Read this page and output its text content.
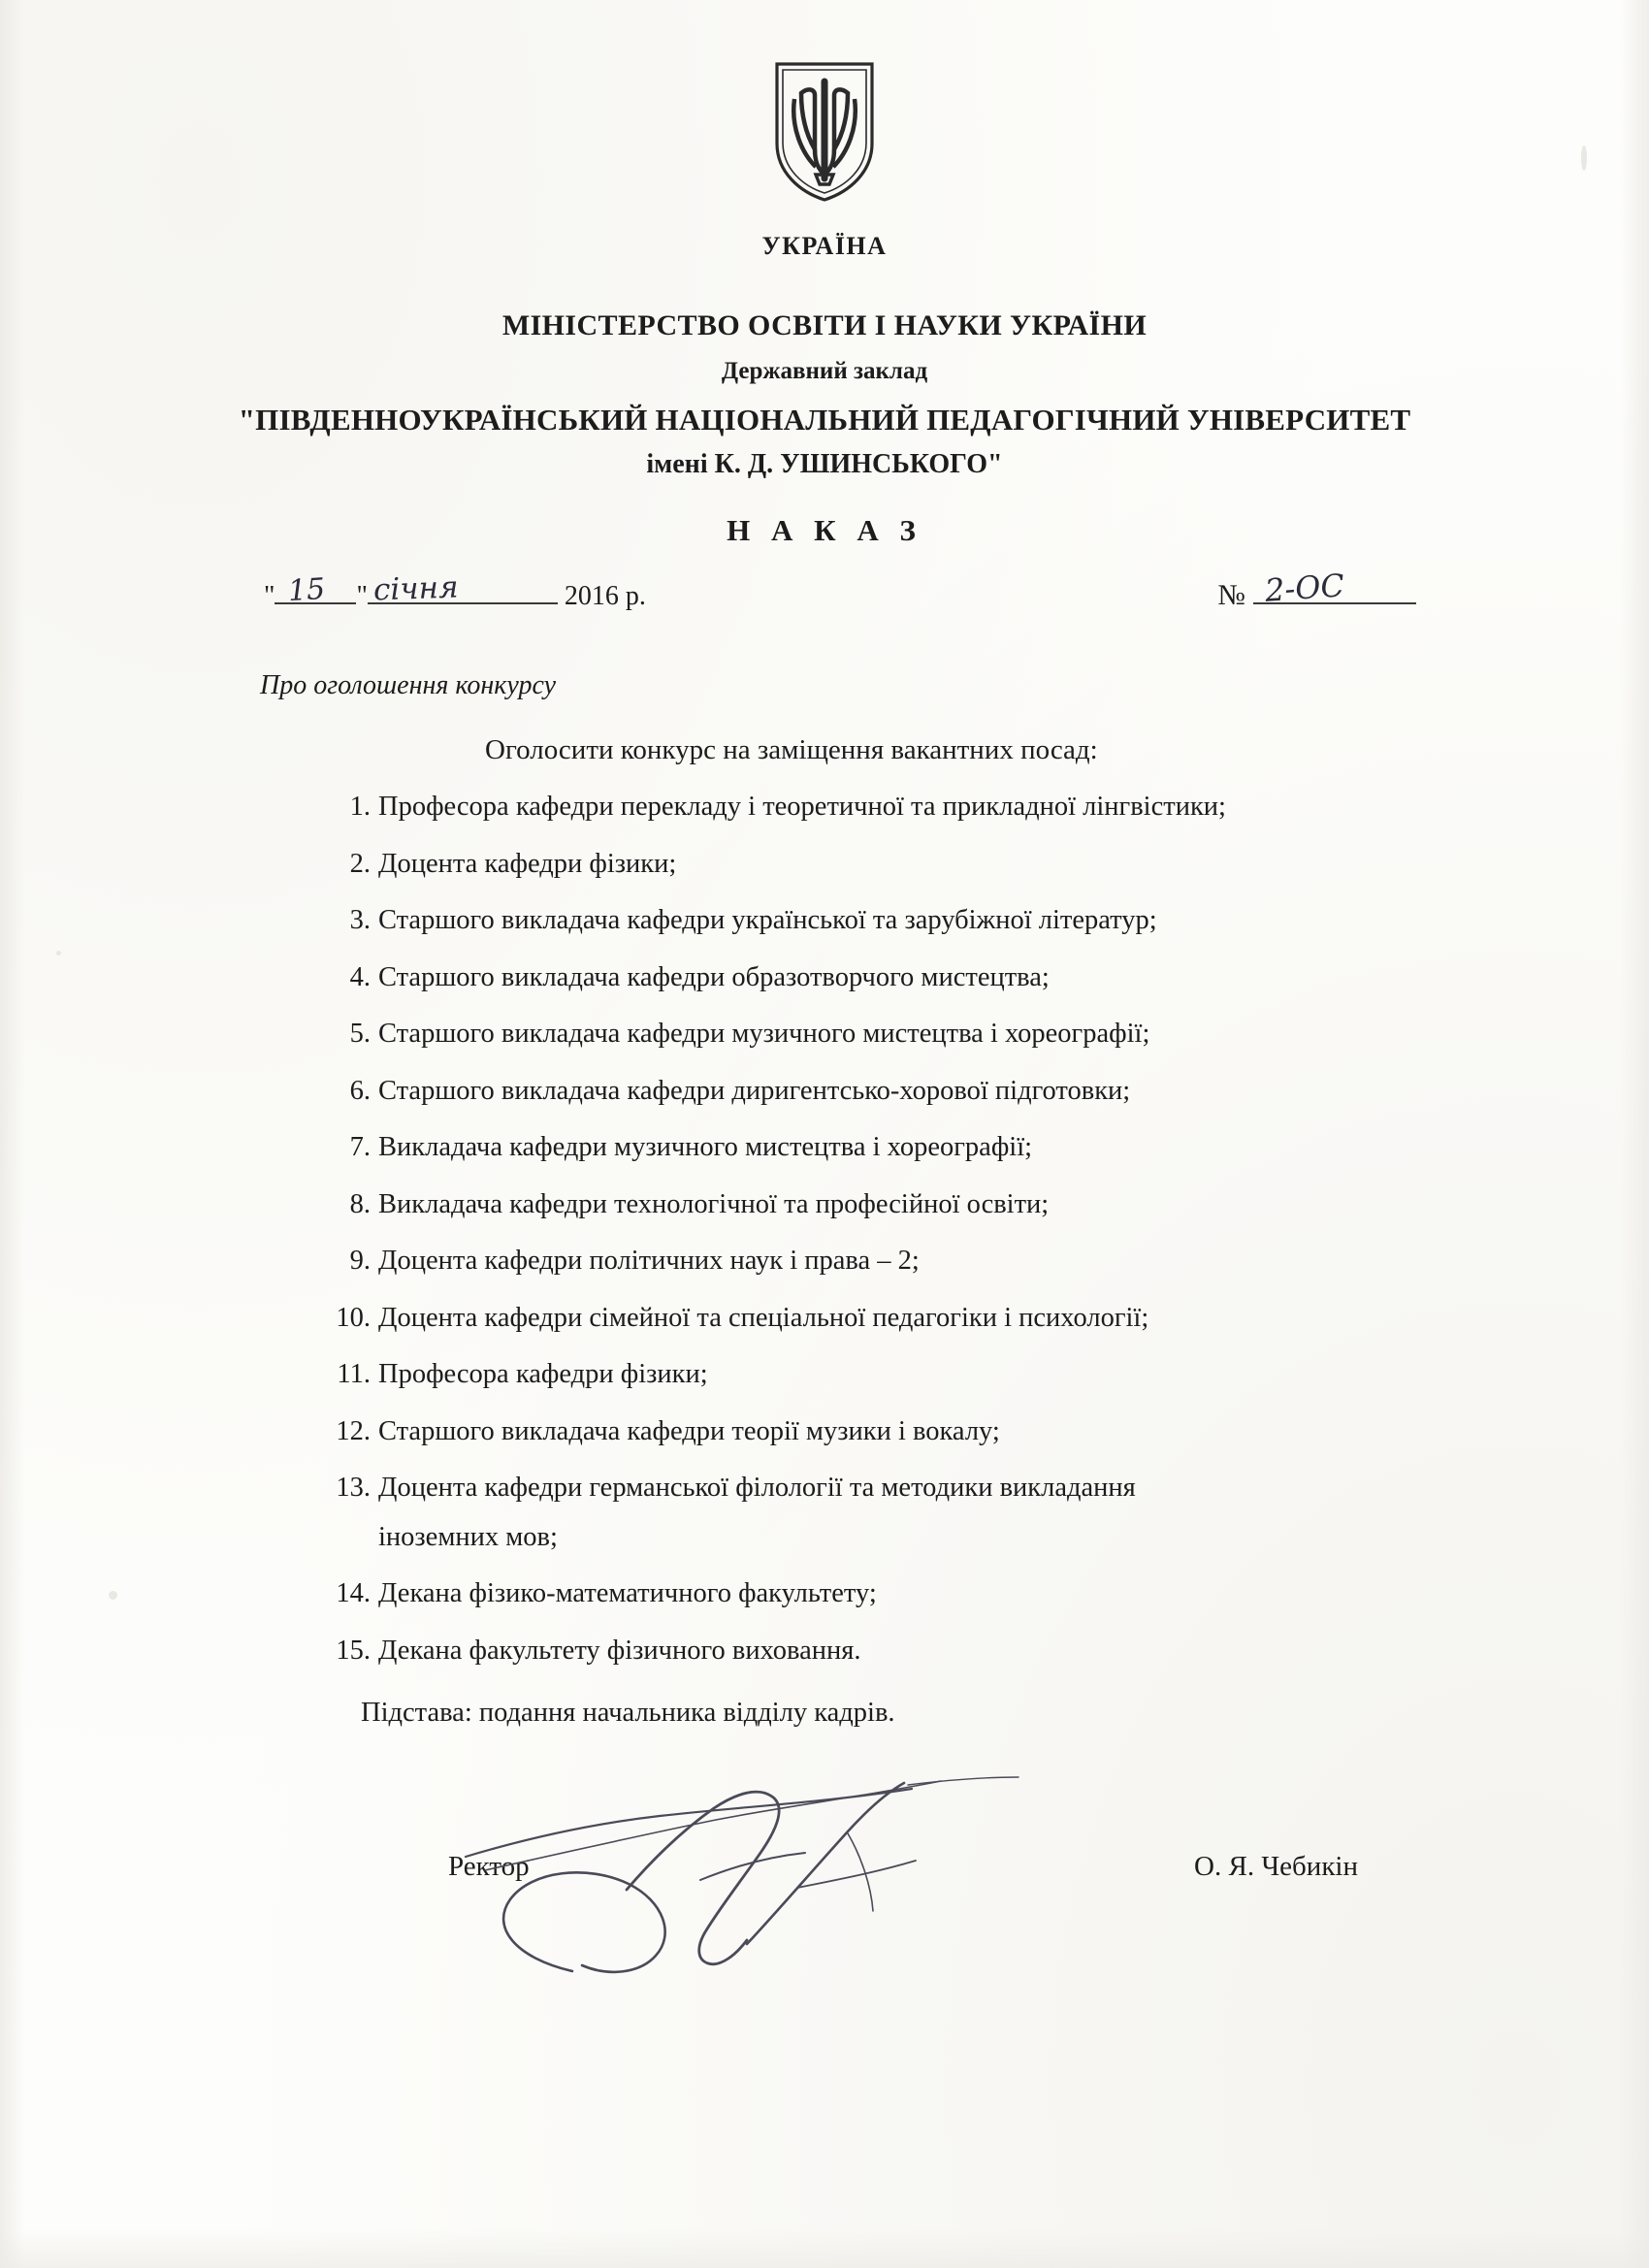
УКРАЇНА
МІНІСТЕРСТВО ОСВІТИ І НАУКИ УКРАЇНИ
Державний заклад
"ПІВДЕННОУКРАЇНСЬКИЙ НАЦІОНАЛЬНИЙ ПЕДАГОГІЧНИЙ УНІВЕРСИТЕТ
імені К. Д. УШИНСЬКОГО"
Н А К А З
" 15 " січня	2016 р.	№ 2-ОС
Про оголошення конкурсу
Оголосити конкурс на заміщення вакантних посад:
1. Професора кафедри перекладу і теоретичної та прикладної лінгвістики;
2. Доцента кафедри фізики;
3. Старшого викладача кафедри української та зарубіжної літератур;
4. Старшого викладача кафедри образотворчого мистецтва;
5. Старшого викладача кафедри музичного мистецтва і хореографії;
6. Старшого викладача кафедри диригентсько-хорової підготовки;
7. Викладача кафедри музичного мистецтва і хореографії;
8. Викладача кафедри технологічної та професійної освіти;
9. Доцента кафедри політичних наук і права – 2;
10. Доцента кафедри сімейної та спеціальної педагогіки і психології;
11. Професора кафедри фізики;
12. Старшого викладача кафедри теорії музики і вокалу;
13. Доцента кафедри германської філології та методики викладання
іноземних мов;
14. Декана фізико-математичного факультету;
15. Декана факультету фізичного виховання.
Підстава: подання начальника відділу кадрів.
Ректор	О. Я. Чебикін
